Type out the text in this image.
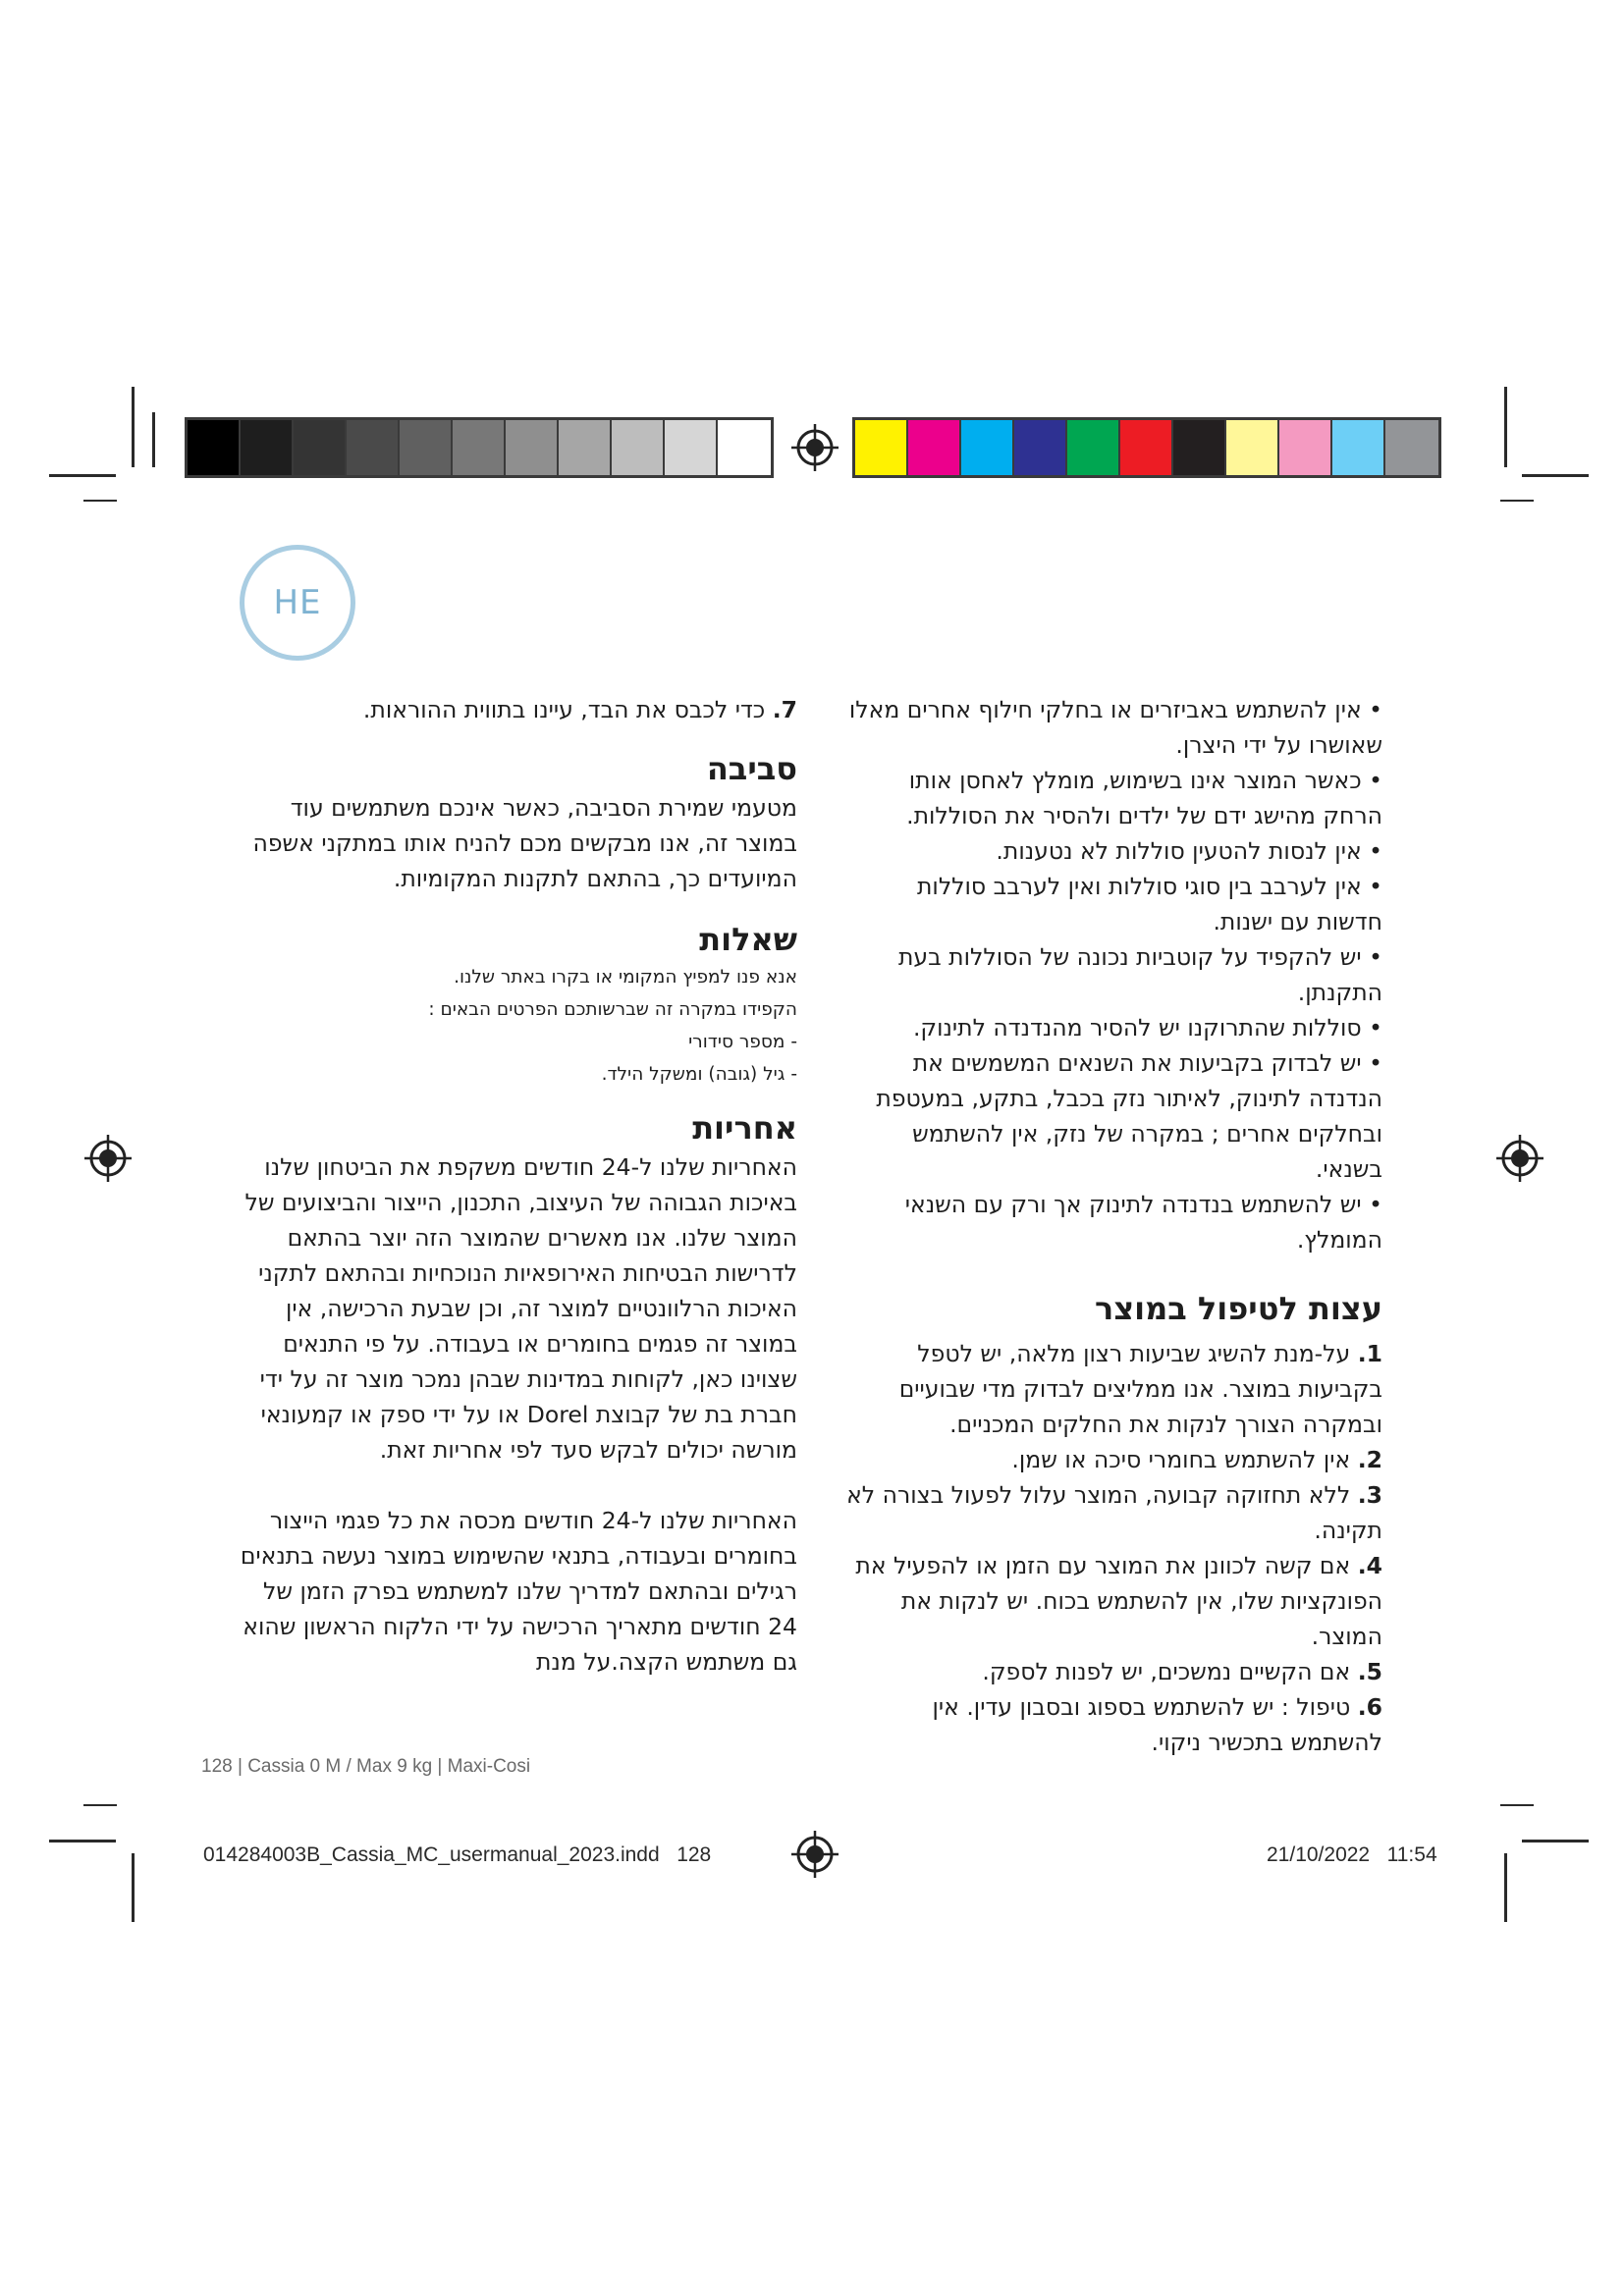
HE

• אין להשתמש באביזרים או בחלקי חילוף אחרים מאלו שאושרו על ידי היצרן.

• כאשר המוצר אינו בשימוש, מומלץ לאחסן אותו הרחק מהישג ידם של ילדים ולהסיר את הסוללות.

• אין לנסות להטעין סוללות לא נטענות.

• אין לערבב בין סוגי סוללות ואין לערבב סוללות חדשות עם ישנות.

• יש להקפיד על קוטביות נכונה של הסוללות בעת התקנתן.

• סוללות שהתרוקנו יש להסיר מהנדנדה לתינוק.

• יש לבדוק בקביעות את השנאים המשמשים את הנדנדה לתינוק, לאיתור נזק בכבל, בתקע, במעטפת ובחלקים אחרים ; במקרה של נזק, אין להשתמש בשנאי.

• יש להשתמש בנדנדה לתינוק אך ורק עם השנאי המומלץ.

עצות לטיפול במוצר

1. על-מנת להשיג שביעות רצון מלאה, יש לטפל בקביעות במוצר. אנו ממליצים לבדוק מדי שבועיים ובמקרה הצורך לנקות את החלקים המכניים.

2. אין להשתמש בחומרי סיכה או שמן.

3. ללא תחזוקה קבועה, המוצר עלול לפעול בצורה לא תקינה.

4. אם קשה לכוונן את המוצר עם הזמן או להפעיל את הפונקציות שלו, אין להשתמש בכוח. יש לנקות את המוצר.

5. אם הקשיים נמשכים, יש לפנות לספק.

6. טיפול : יש להשתמש בספוג ובסבון עדין. אין להשתמש בתכשיר ניקוי.

7. כדי לכבס את הבד, עיינו בתווית ההוראות.

סביבה

מטעמי שמירת הסביבה, כאשר אינכם משתמשים עוד במוצר זה, אנו מבקשים מכם להניח אותו במתקני אשפה המיועדים כך, בהתאם לתקנות המקומיות.

שאלות

אנא פנו למפיץ המקומי או בקרו באתר שלנו.

הקפידו במקרה זה שברשותכם הפרטים הבאים :

- מספר סידורי

- גיל (גובה) ומשקל הילד.

אחריות

האחריות שלנו ל-24 חודשים משקפת את הביטחון שלנו באיכות הגבוהה של העיצוב, התכנון, הייצור והביצועים של המוצר שלנו. אנו מאשרים שהמוצר הזה יוצר בהתאם לדרישות הבטיחות האירופאיות הנוכחיות ובהתאם לתקני האיכות הרלוונטיים למוצר זה, וכן שבעת הרכישה, אין במוצר זה פגמים בחומרים או בעבודה. על פי התנאים שצוינו כאן, לקוחות במדינות שבהן נמכר מוצר זה על ידי חברת בת של קבוצת Dorel או על ידי ספק או קמעונאי מורשה יכולים לבקש סעד לפי אחריות זאת.

האחריות שלנו ל-24 חודשים מכסה את כל פגמי הייצור בחומרים ובעבודה, בתנאי שהשימוש במוצר נעשה בתנאים רגילים ובהתאם למדריך שלנו למשתמש בפרק הזמן של 24 חודשים מתאריך הרכישה על ידי הלקוח הראשון שהוא גם משתמש הקצה.על מנת

128 | Cassia 0 M / Max 9 kg | Maxi-Cosi
014284003B_Cassia_MC_usermanual_2023.indd 128	21/10/2022 11:54
